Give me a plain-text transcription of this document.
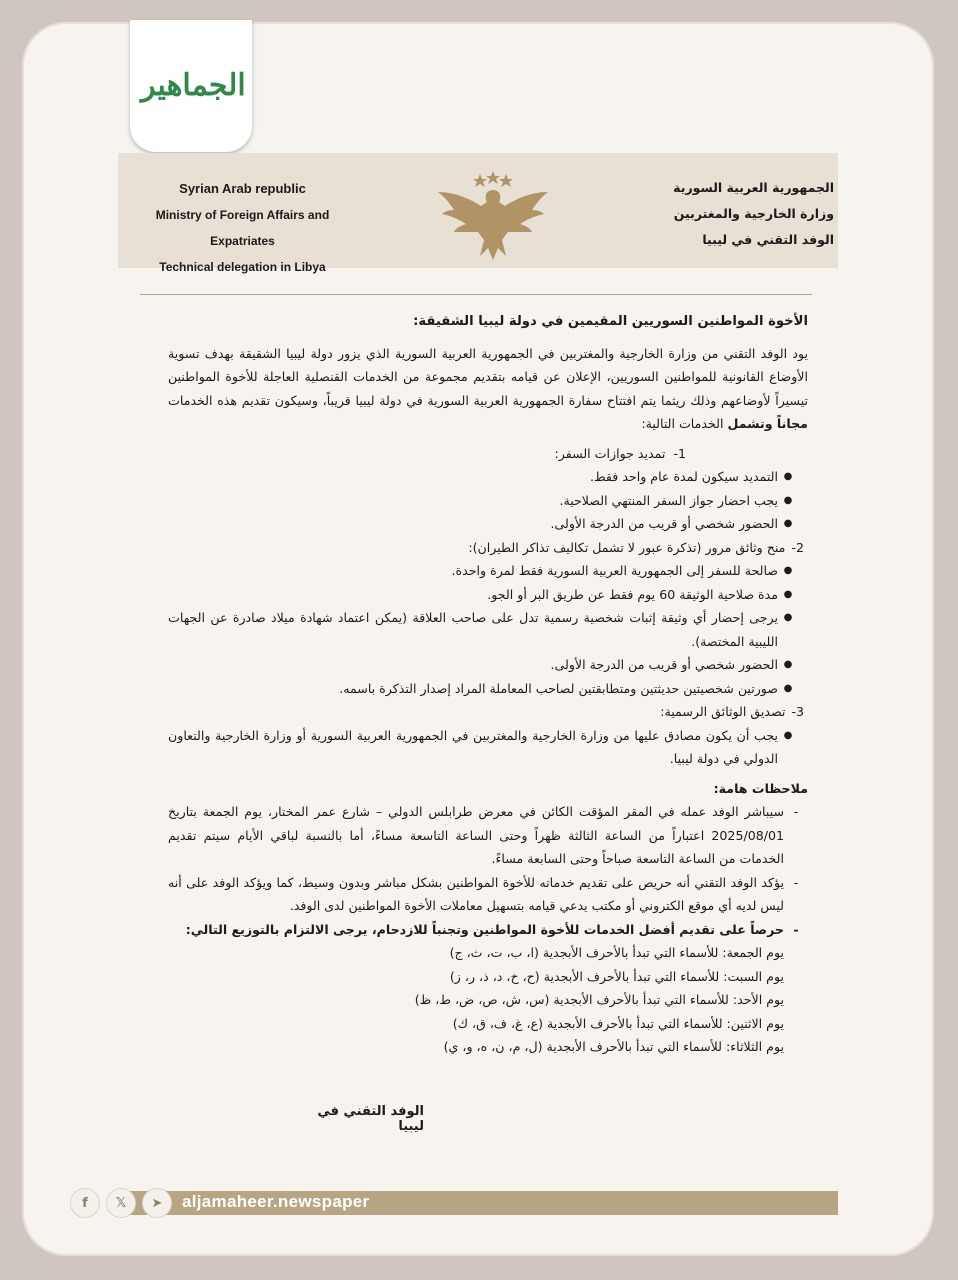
الجماهير
Syrian Arab republic
Ministry of Foreign Affairs and Expatriates
Technical delegation in Libya
الجمهورية العربية السورية
وزارة الخارجية والمغتربين
الوفد التقني في ليبيا

الأخوة المواطنين السوريين المقيمين في دولة ليبيا الشقيقة:

يود الوفد التقني من وزارة الخارجية والمغتربين في الجمهورية العربية السورية الذي يزور دولة ليبيا الشقيقة بهدف تسوية الأوضاع القانونية للمواطنين السوريين، الإعلان عن قيامه بتقديم مجموعة من الخدمات القنصلية العاجلة للأخوة المواطنين تيسيراً لأوضاعهم وذلك ريثما يتم افتتاح سفارة الجمهورية العربية السورية في دولة ليبيا قريباً، وسيكون تقديم هذه الخدمات مجاناً وتشمل الخدمات التالية:

1-
تمديد جوازات السفر:
●
التمديد سيكون لمدة عام واحد فقط.
●
يجب احضار جواز السفر المنتهي الصلاحية.
●
الحضور شخصي أو قريب من الدرجة الأولى.
2-
منح وثائق مرور (تذكرة عبور لا تشمل تكاليف تذاكر الطيران):
●
صالحة للسفر إلى الجمهورية العربية السورية فقط لمرة واحدة.
●
مدة صلاحية الوثيقة 60 يوم فقط عن طريق البر أو الجو.
●
يرجى إحضار أي وثيقة إثبات شخصية رسمية تدل على صاحب العلاقة (يمكن اعتماد شهادة ميلاد صادرة عن الجهات الليبية المختصة).
●
الحضور شخصي أو قريب من الدرجة الأولى.
●
صورتين شخصيتين حديثتين ومتطابقتين لصاحب المعاملة المراد إصدار التذكرة باسمه.
3-
تصديق الوثائق الرسمية:
●
يجب أن يكون مصادق عليها من وزارة الخارجية والمغتربين في الجمهورية العربية السورية أو وزارة الخارجية والتعاون الدولي في دولة ليبيا.

ملاحظات هامة:

-
سيباشر الوفد عمله في المقر المؤقت الكائن في معرض طرابلس الدولي – شارع عمر المختار، يوم الجمعة بتاريخ 2025/08/01 اعتباراً من الساعة الثالثة ظهراً وحتى الساعة التاسعة مساءً، أما بالنسبة لباقي الأيام سيتم تقديم الخدمات من الساعة التاسعة صباحاً وحتى السابعة مساءً.
-
يؤكد الوفد التقني أنه حريص على تقديم خدماته للأخوة المواطنين بشكل مباشر وبدون وسيط، كما ويؤكد الوفد على أنه ليس لديه أي موقع الكتروني أو مكتب يدعي قيامه بتسهيل معاملات الأخوة المواطنين لدى الوفد.
-
حرصاً على تقديم أفضل الخدمات للأخوة المواطنين وتجنباً للازدحام، يرجى الالتزام بالتوزيع التالي:
يوم الجمعة: للأسماء التي تبدأ بالأحرف الأبجدية (ا، ب، ت، ث، ج)
يوم السبت: للأسماء التي تبدأ بالأحرف الأبجدية (ح، خ، د، ذ، ر، ز)
يوم الأحد: للأسماء التي تبدأ بالأحرف الأبجدية (س، ش، ص، ض، ط، ظ)
يوم الاثنين: للأسماء التي تبدأ بالأحرف الأبجدية (ع، غ، ف، ق، ك)
يوم الثلاثاء: للأسماء التي تبدأ بالأحرف الأبجدية (ل، م، ن، ه، و، ي)
الوفد التقني في ليبيا
f	𝕏	➤	aljamaheer.newspaper
